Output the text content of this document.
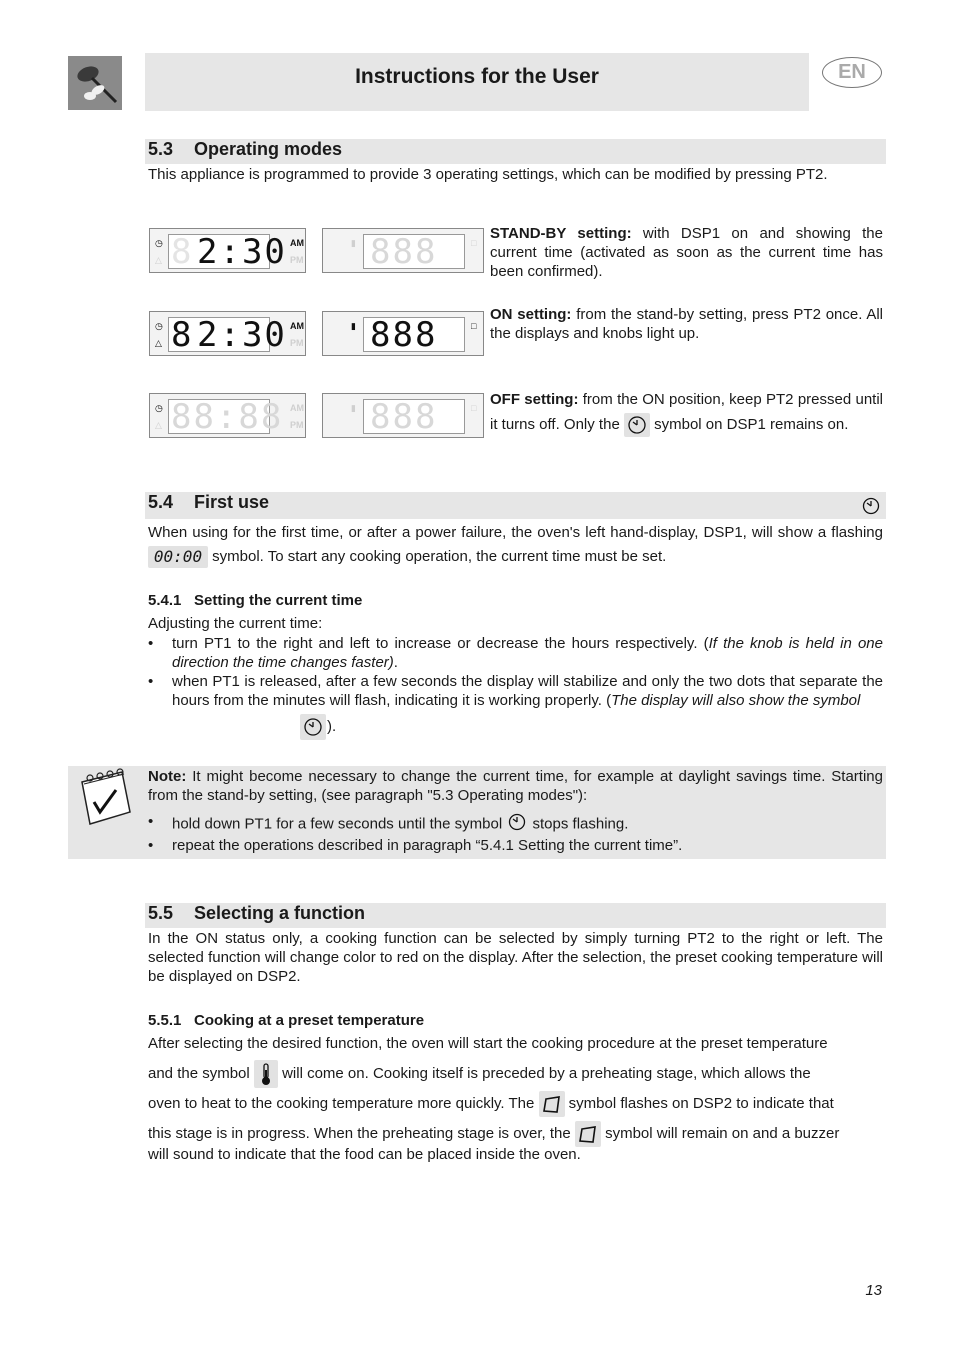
Instructions for the User	EN
5.3 Operating modes
This appliance is programmed to provide 3 operating settings, which can be modified by pressing PT2.
◷
△ 8 2:30 AM
PM
▮ 888	□
STAND-BY setting: with DSP1 on and showing the current time (activated as soon as the current time has been confirmed).
◷
△ 8 2:30 AM
PM
▮ 888	□
ON setting: from the stand-by setting, press PT2 once. All the displays and knobs light up.
◷
△ 88:88 AM
PM
▮ 888	□ OFF setting: from the ON position, keep PT2 pressed until it turns off. Only the  symbol on DSP1 remains on.
5.4 First use
When using for the first time, or after a power failure, the oven's left hand-display, DSP1, will show a flashing 00:00 symbol. To start any cooking operation, the current time must be set.
5.4.1 Setting the current time
Adjusting the current time:
• turn PT1 to the right and left to increase or decrease the hours respectively. (If the knob is held in one direction the time changes faster).
• when PT1 is released, after a few seconds the display will stabilize and only the two dots that separate the hours from the minutes will flash, indicating it is working properly. (The display will also show the symbol
).
Note: It might become necessary to change the current time, for example at daylight savings time. Starting from the stand-by setting, (see paragraph "5.3 Operating modes"):
• hold down PT1 for a few seconds until the symbol  stops flashing.
• repeat the operations described in paragraph “5.4.1 Setting the current time”.
5.5 Selecting a function
In the ON status only, a cooking function can be selected by simply turning PT2 to the right or left. The selected function will change color to red on the display. After the selection, the preset cooking temperature will be displayed on DSP2.
5.5.1 Cooking at a preset temperature
After selecting the desired function, the oven will start the cooking procedure at the preset temperature
and the symbol  will come on. Cooking itself is preceded by a preheating stage, which allows the
oven to heat to the cooking temperature more quickly. The  symbol flashes on DSP2 to indicate that
this stage is in progress. When the preheating stage is over, the  symbol will remain on and a buzzer
will sound to indicate that the food can be placed inside the oven.
13
